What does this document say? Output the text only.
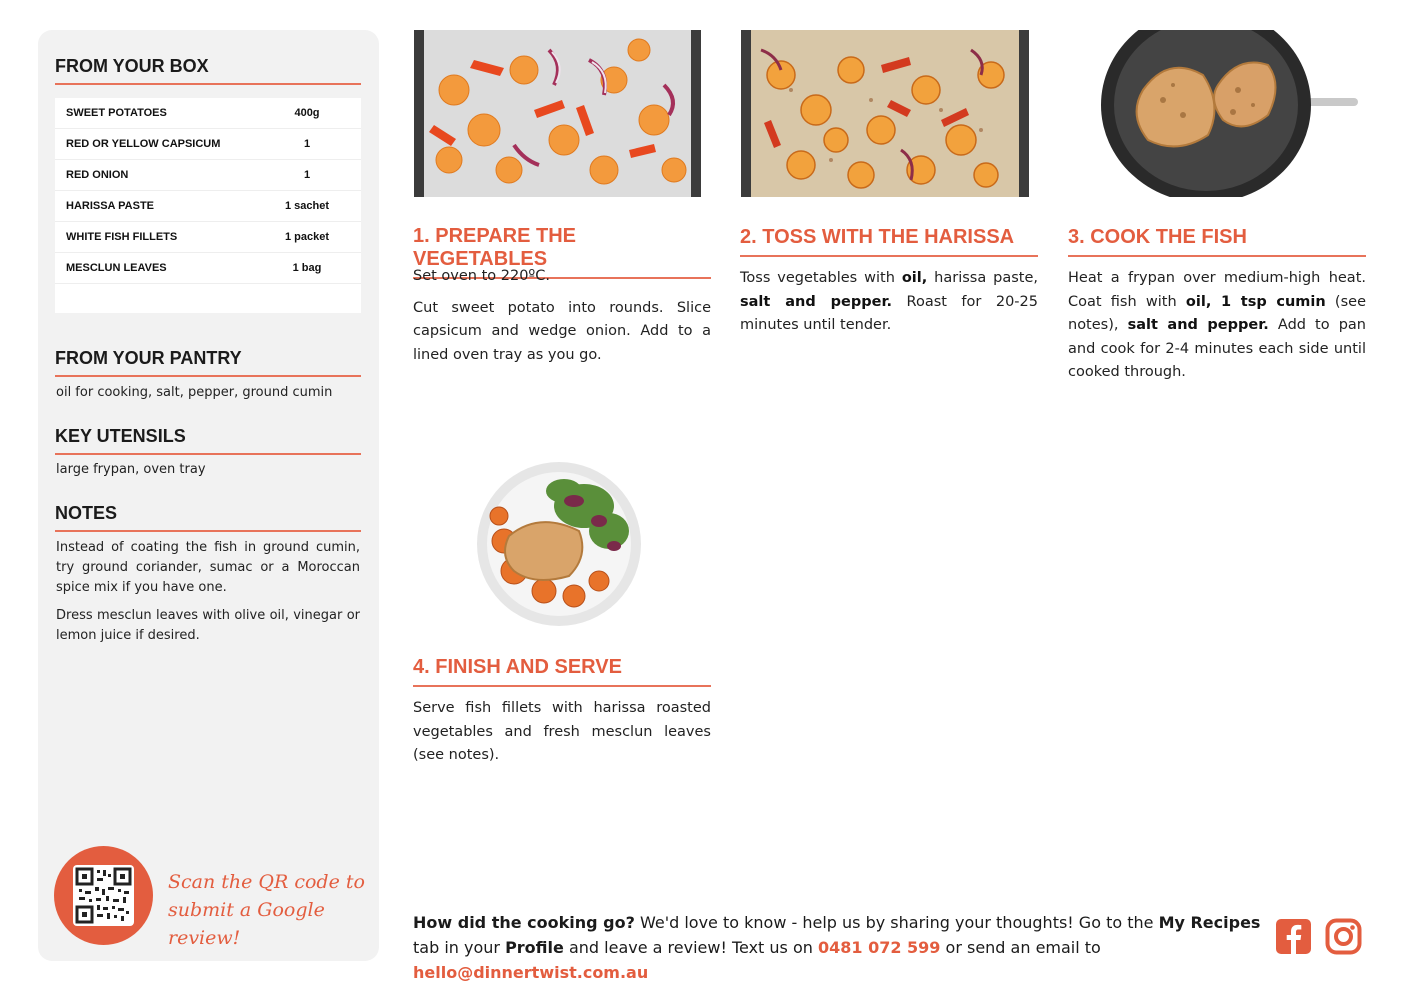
FROM YOUR BOX
SWEET POTATOES	400g
RED OR YELLOW CAPSICUM	1
RED ONION	1
HARISSA PASTE	1 sachet
WHITE FISH FILLETS	1 packet
MESCLUN LEAVES	1 bag
FROM YOUR PANTRY
oil for cooking, salt, pepper, ground cumin
KEY UTENSILS
large frypan, oven tray
NOTES
Instead of coating the fish in ground cumin, try ground coriander, sumac or a Moroccan spice mix if you have one.
Dress mesclun leaves with olive oil, vinegar or lemon juice if desired.
Scan the QR code to
submit a Google review!
1. PREPARE THE VEGETABLES

Set oven to 220ºC.

Cut sweet potato into rounds. Slice capsicum and wedge onion. Add to a lined oven tray as you go.

2. TOSS WITH THE HARISSA

Toss vegetables with oil, harissa paste, salt and pepper. Roast for 20-25 minutes until tender.

3. COOK THE FISH

Heat a frypan over medium-high heat. Coat fish with oil, 1 tsp cumin (see notes), salt and pepper. Add to pan and cook for 2-4 minutes each side until cooked through.

4. FINISH AND SERVE

Serve fish fillets with harissa roasted vegetables and fresh mesclun leaves (see notes).

How did the cooking go? We'd love to know - help us by sharing your thoughts! Go to the My Recipes tab in your Profile and leave a review! Text us on 0481 072 599 or send an email to hello@dinnertwist.com.au
